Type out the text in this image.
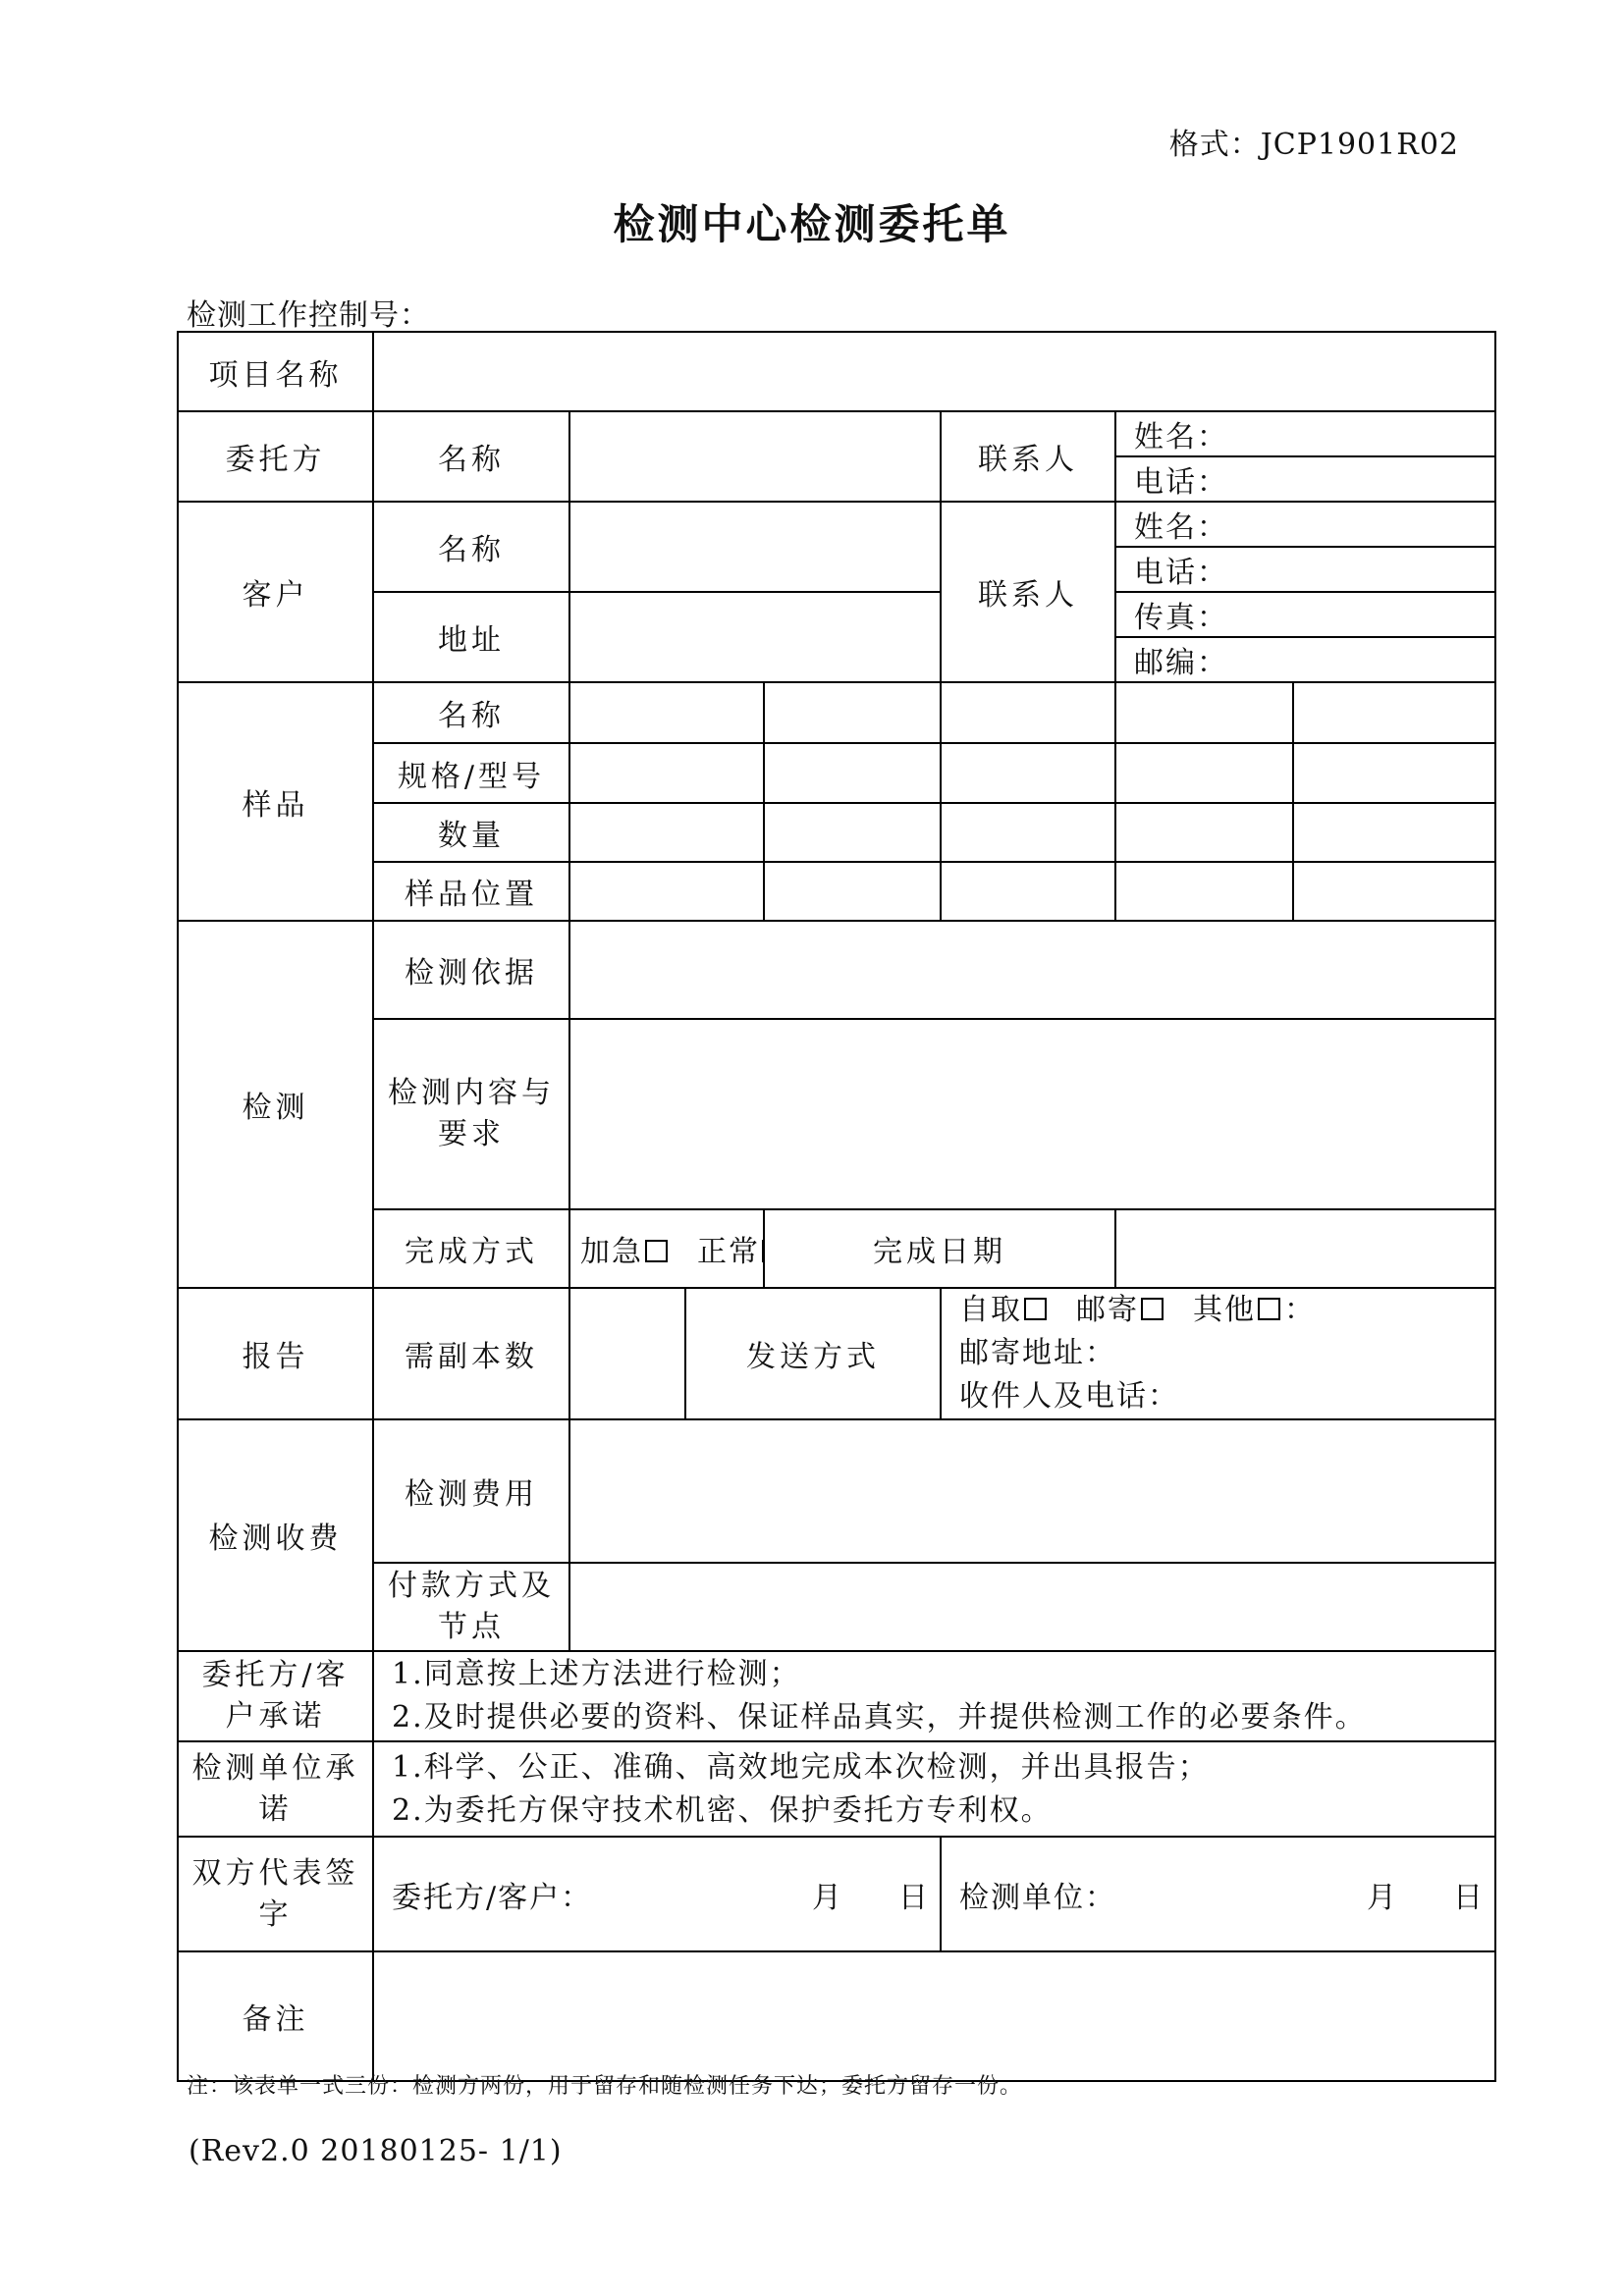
格式：JCP1901R02
检测中心检测委托单
检测工作控制号：
项目名称							
委托方	名称				联系人	姓名：	
						电话：	
客户	名称				联系人	姓名：	
						电话：	
	地址					传真：	
						邮编：	
样品	名称						
	规格/型号						
	数量						
	样品位置						
检测	检测依据						
	检测内容与要求						
	完成方式	加急 正常		完成日期			
报告	需副本数		发送方式		自取 邮寄 其他 ：
邮寄地址：
收件人及电话：		

检测收费	检测费用						
	付款方式及节点						
委托方/客户承诺	1.同意按上述方法进行检测；
2.及时提供必要的资料、保证样品真实，并提供检测工作的必要条件。						

检测单位承诺	1.科学、公正、准确、高效地完成本次检测，并出具报告；
2.为委托方保守技术机密、保护委托方专利权。						

双方代表签字	委托方/客户： 月 日				检测单位： 月 日		

备注							
注：该表单一式三份：检测方两份，用于留存和随检测任务下达；委托方留存一份。
(Rev2.0 20180125- 1/1)
